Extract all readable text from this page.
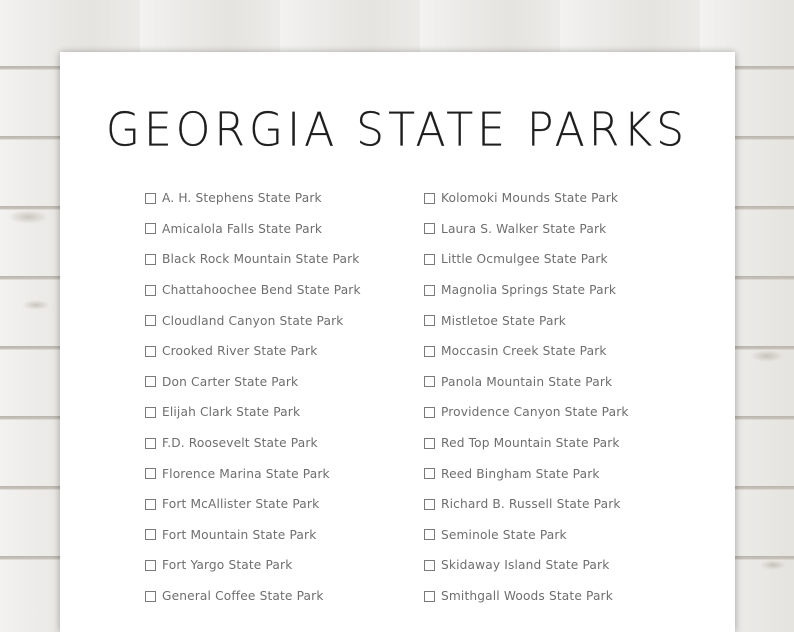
GEORGIA STATE PARKS
A. H. Stephens State Park
Amicalola Falls State Park
Black Rock Mountain State Park
Chattahoochee Bend State Park
Cloudland Canyon State Park
Crooked River State Park
Don Carter State Park
Elijah Clark State Park
F.D. Roosevelt State Park
Florence Marina State Park
Fort McAllister State Park
Fort Mountain State Park
Fort Yargo State Park
General Coffee State Park
Kolomoki Mounds State Park
Laura S. Walker State Park
Little Ocmulgee State Park
Magnolia Springs State Park
Mistletoe State Park
Moccasin Creek State Park
Panola Mountain State Park
Providence Canyon State Park
Red Top Mountain State Park
Reed Bingham State Park
Richard B. Russell State Park
Seminole State Park
Skidaway Island State Park
Smithgall Woods State Park
